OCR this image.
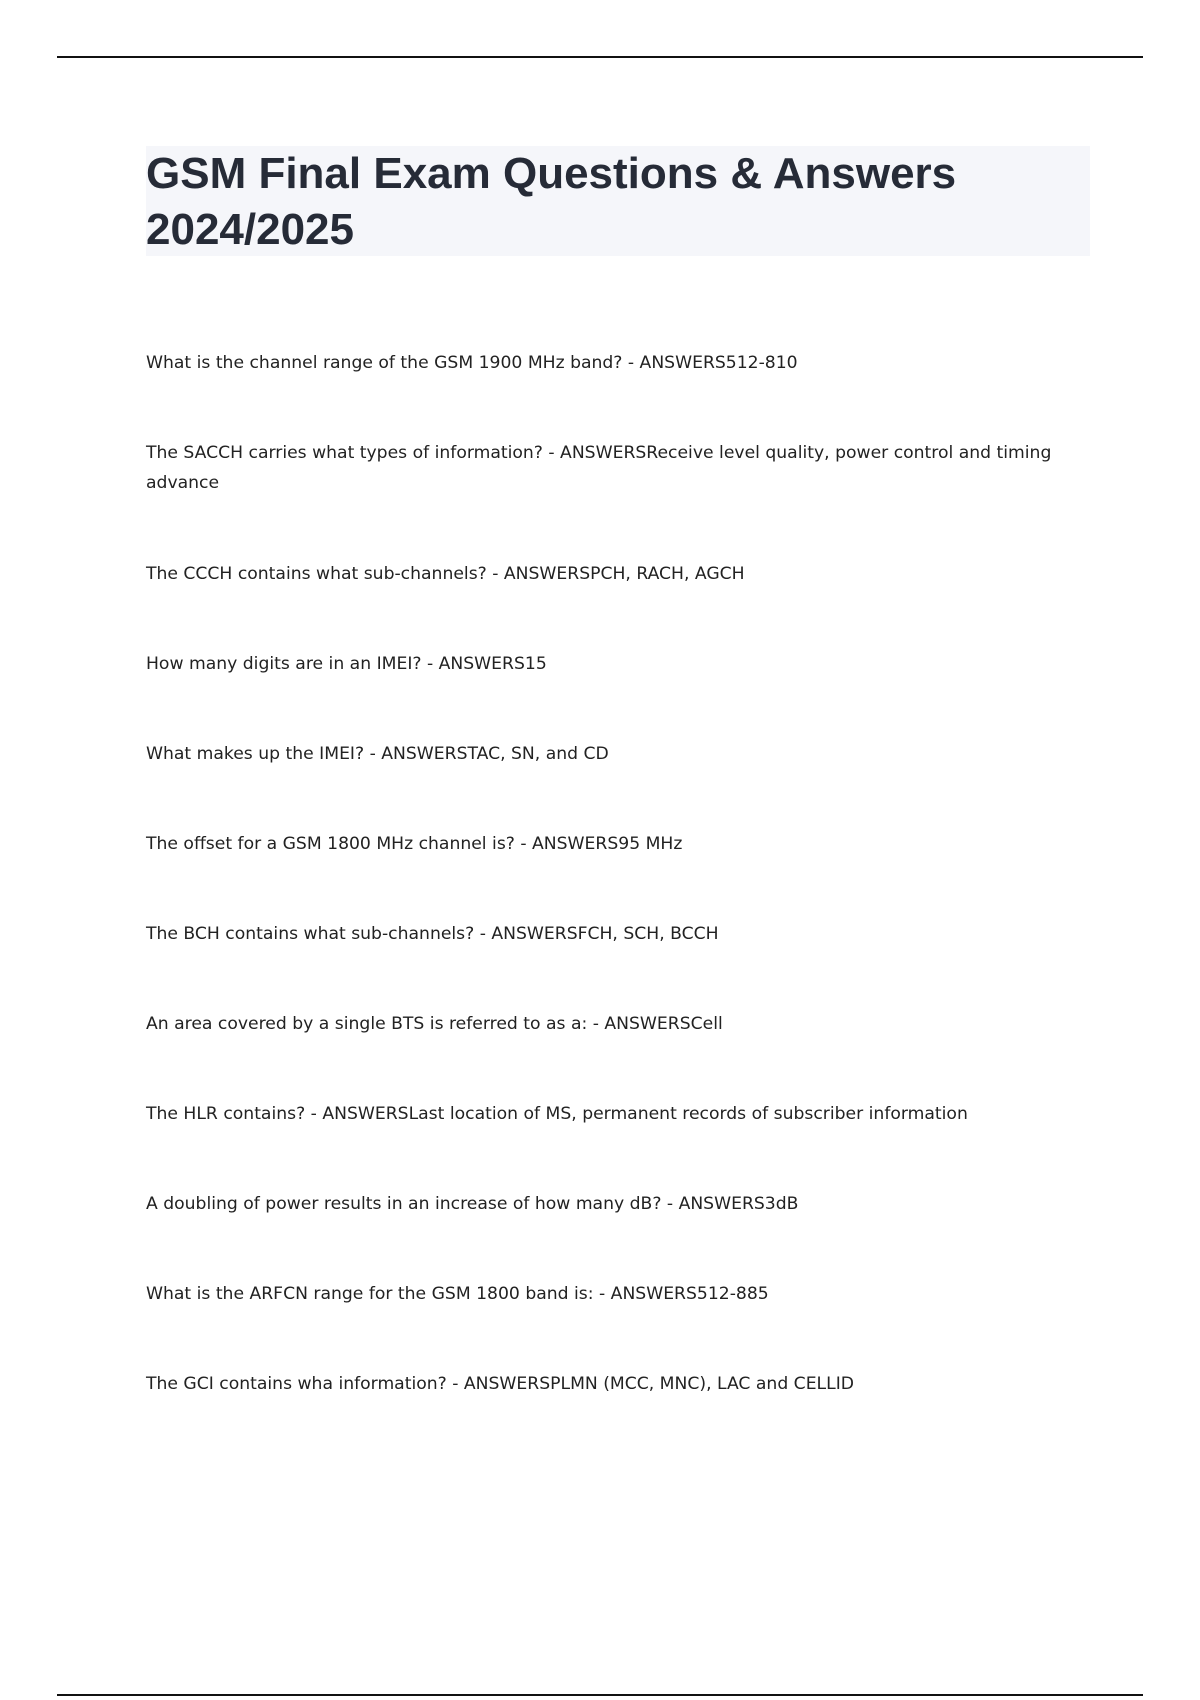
GSM Final Exam Questions & Answers 2024/2025
What is the channel range of the GSM 1900 MHz band? - ANSWERS512-810
The SACCH carries what types of information? - ANSWERSReceive level quality, power control and timing advance
The CCCH contains what sub-channels? - ANSWERSPCH, RACH, AGCH
How many digits are in an IMEI? - ANSWERS15
What makes up the IMEI? - ANSWERSTAC, SN, and CD
The offset for a GSM 1800 MHz channel is? - ANSWERS95 MHz
The BCH contains what sub-channels? - ANSWERSFCH, SCH, BCCH
An area covered by a single BTS is referred to as a: - ANSWERSCell
The HLR contains? - ANSWERSLast location of MS, permanent records of subscriber information
A doubling of power results in an increase of how many dB? - ANSWERS3dB
What is the ARFCN range for the GSM 1800 band is: - ANSWERS512-885
The GCI contains wha information? - ANSWERSPLMN (MCC, MNC), LAC and CELLID
